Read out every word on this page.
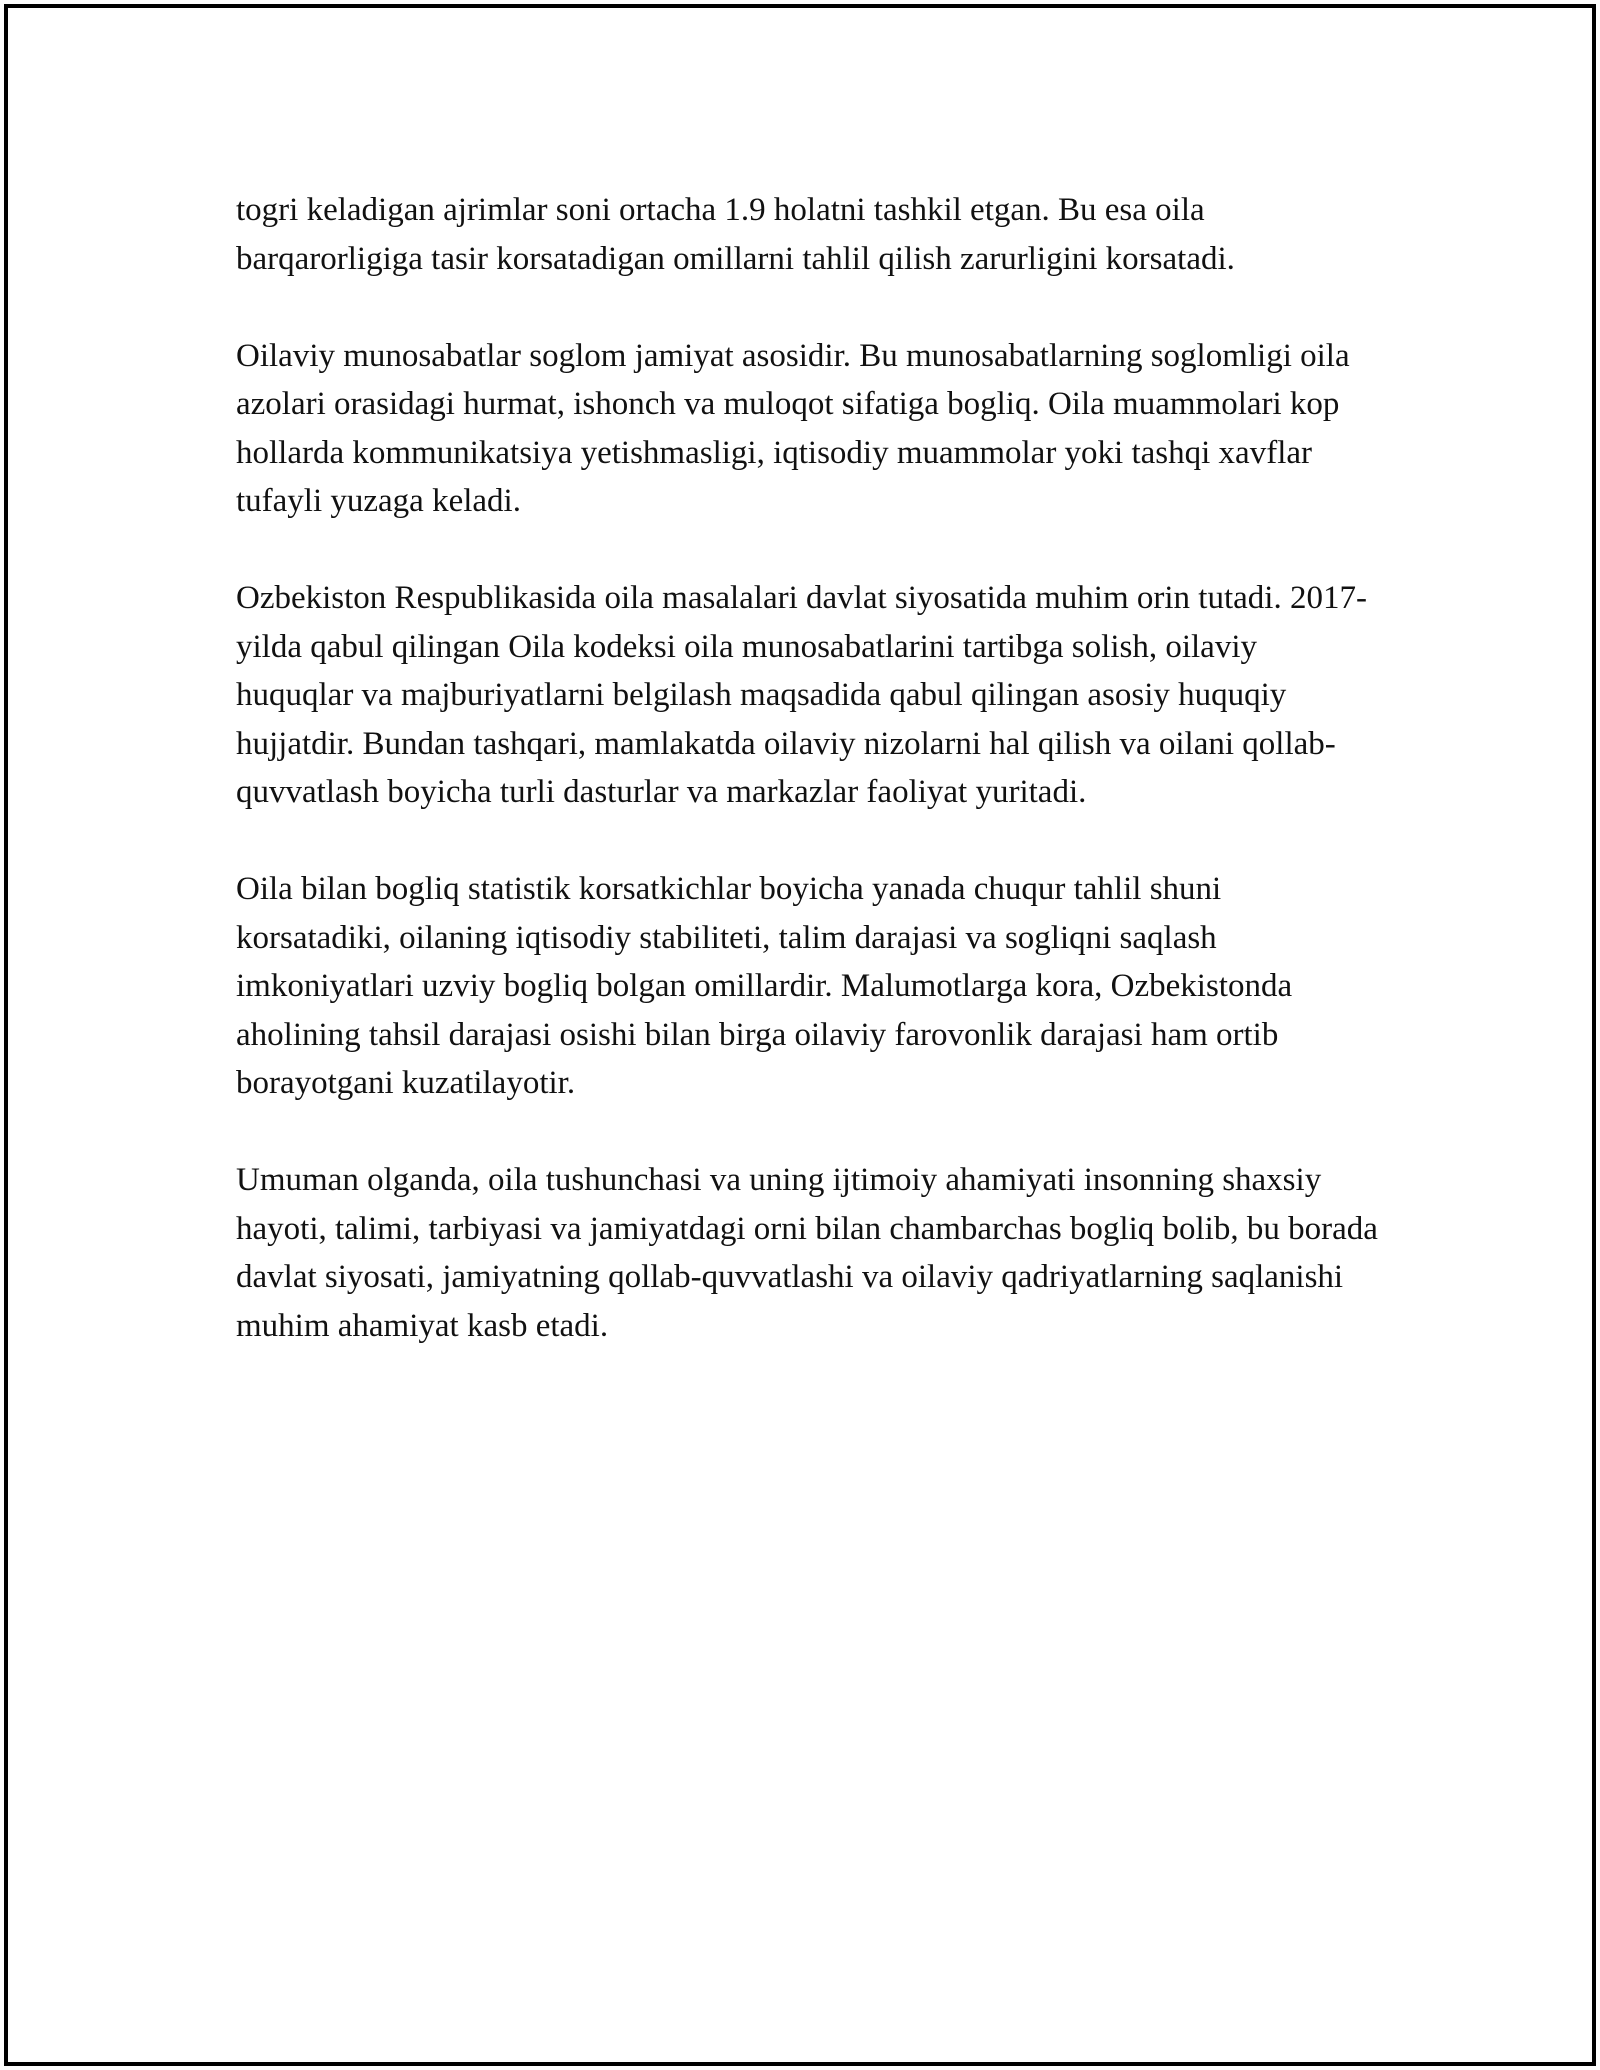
togri keladigan ajrimlar soni ortacha 1.9 holatni tashkil etgan. Bu esa oila barqarorligiga tasir korsatadigan omillarni tahlil qilish zarurligini korsatadi.

Oilaviy munosabatlar soglom jamiyat asosidir. Bu munosabatlarning soglomligi oila azolari orasidagi hurmat, ishonch va muloqot sifatiga bogliq. Oila muammolari kop hollarda kommunikatsiya yetishmasligi, iqtisodiy muammolar yoki tashqi xavflar tufayli yuzaga keladi.

Ozbekiston Respublikasida oila masalalari davlat siyosatida muhim orin tutadi. 2017-yilda qabul qilingan Oila kodeksi oila munosabatlarini tartibga solish, oilaviy huquqlar va majburiyatlarni belgilash maqsadida qabul qilingan asosiy huquqiy hujjatdir. Bundan tashqari, mamlakatda oilaviy nizolarni hal qilish va oilani qollab-quvvatlash boyicha turli dasturlar va markazlar faoliyat yuritadi.

Oila bilan bogliq statistik korsatkichlar boyicha yanada chuqur tahlil shuni korsatadiki, oilaning iqtisodiy stabiliteti, talim darajasi va sogliqni saqlash imkoniyatlari uzviy bogliq bolgan omillardir. Malumotlarga kora, Ozbekistonda aholining tahsil darajasi osishi bilan birga oilaviy farovonlik darajasi ham ortib borayotgani kuzatilayotir.

Umuman olganda, oila tushunchasi va uning ijtimoiy ahamiyati insonning shaxsiy hayoti, talimi, tarbiyasi va jamiyatdagi orni bilan chambarchas bogliq bolib, bu borada davlat siyosati, jamiyatning qollab-quvvatlashi va oilaviy qadriyatlarning saqlanishi muhim ahamiyat kasb etadi.
